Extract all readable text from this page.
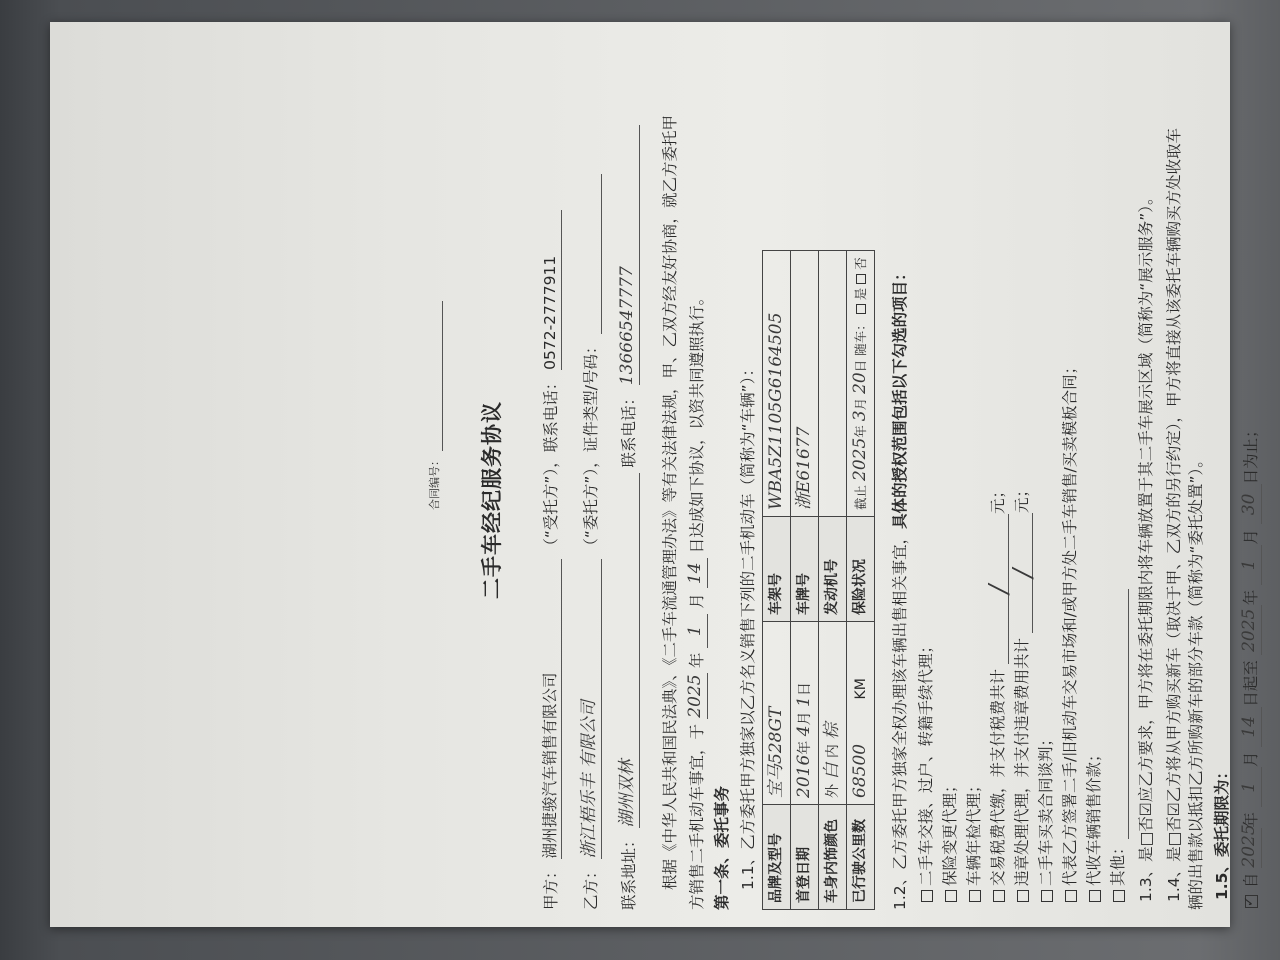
合同编号： 二手车经纪服务协议
甲方： 湖州捷骏汽车销售有限公司 （“受托方”），联系电话： 0572-2777911
乙方： 浙江梧乐丰 有限公司 （“委托方”），证件类型/号码：
联系地址： 湖州双林 联系电话： 13666547777 根据《中华人民共和国民法典》、《二手车流通管理办法》等有关法律法规，甲、乙双方经友好协商，就乙方委托甲 方销售二手机动车事宜，于 2025 年 1 月 14 日达成如下协议，以资共同遵照执行。
第一条、委托事务 1.1、乙方委托甲方独家以乙方名义销售下列的二手机动车（简称为“车辆”）： 品牌及型号	宝马528GT	车架号	WBA5Z1105G6164505
首登日期	2016年 4月 1日	车牌号	浙E61677
车身内饰颜色	外 白 内 棕	发动机号	
已行驶公里数	68500 KM	保险状况	截止 2025年 3月 20日 随车： 是 否
1.2、乙方委托甲方独家全权办理该车辆出售相关事宜，具体的授权范围包括以下勾选的项目：
二手车交接、过户、转籍手续代理； 保险变更代理； 车辆年检代理； 交易税费代缴，并支付税费共计 /元；
违章处理代理，并支付违章费用共计 /元；
二手车买卖合同谈判； 代表乙方签署二手/旧机动车交易市场和/或甲方处二手车销售/买卖模板合同； 代收车辆销售价款； 其他： 1.3、是□否☑应乙方要求，甲方将在委托期限内将车辆放置于其二手车展示区域（简称为“展示服务”）。 1.4、是□否☑乙方将从甲方购买新车（取决于甲、乙双方的另行约定），甲方将直接从该委托车辆购买方处收取车 辆的出售款以抵扣乙方所购新车的部分车款（简称为“委托处置”）。 1.5、委托期限为：
✓ 自 2025年 1月 14日起至 2025年 1月 30日为止；
